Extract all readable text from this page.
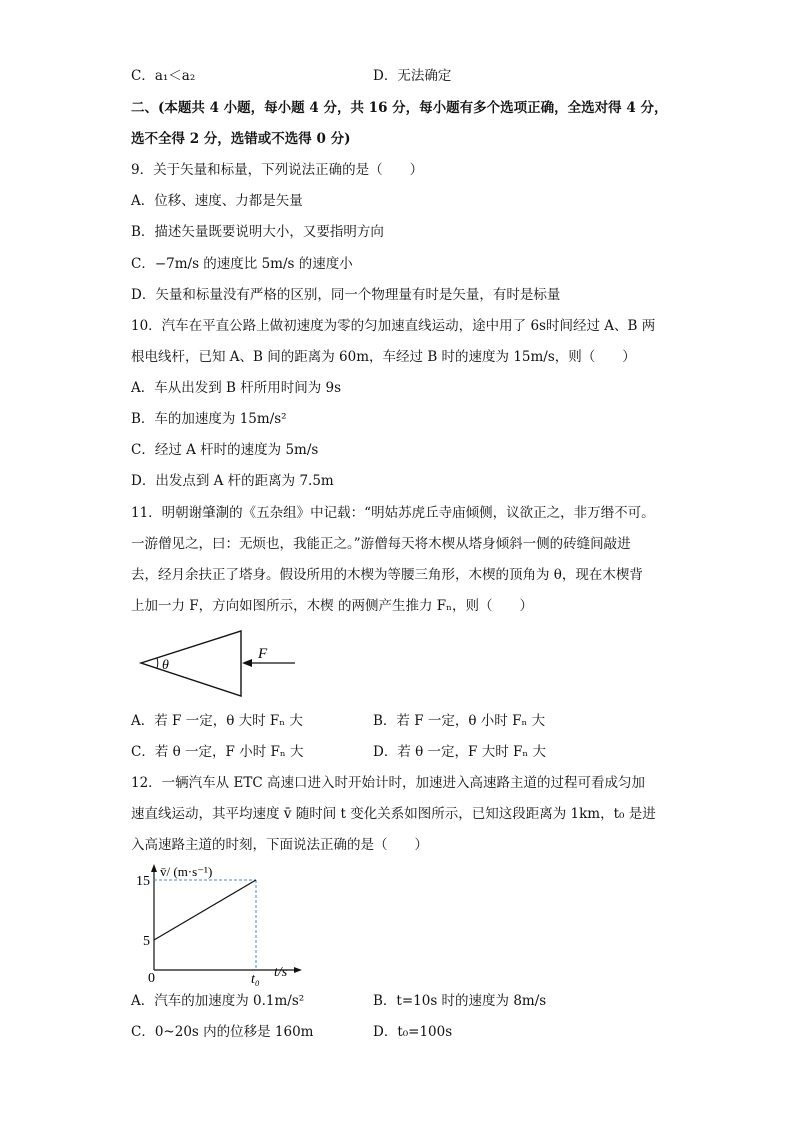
C．a₁＜a₂	D．无法确定
二、(本题共 4 小题，每小题 4 分，共 16 分，每小题有多个选项正确，全选对得 4 分，
选不全得 2 分，选错或不选得 0 分)
9．关于矢量和标量，下列说法正确的是（　　）
A．位移、速度、力都是矢量
B．描述矢量既要说明大小，又要指明方向
C．−7m/s 的速度比 5m/s 的速度小
D．矢量和标量没有严格的区别，同一个物理量有时是矢量，有时是标量
10．汽车在平直公路上做初速度为零的匀加速直线运动，途中用了 6s时间经过 A、B 两
根电线杆，已知 A、B 间的距离为 60m，车经过 B 时的速度为 15m/s，则（　　）
A．车从出发到 B 杆所用时间为 9s
B．车的加速度为 15m/s²
C．经过 A 杆时的速度为 5m/s
D．出发点到 A 杆的距离为 7.5m
11．明朝谢肇淛的《五杂组》中记载：“明姑苏虎丘寺庙倾侧，议欲正之，非万缗不可。
一游僧见之，曰：无烦也，我能正之。”游僧每天将木楔从塔身倾斜一侧的砖缝间敲进
去，经月余扶正了塔身。假设所用的木楔为等腰三角形，木楔的顶角为 θ，现在木楔背
上加一力 F，方向如图所示，木楔 的两侧产生推力 Fₙ，则（　　）
θ
F
A．若 F 一定，θ 大时 Fₙ 大	B．若 F 一定，θ 小时 Fₙ 大
C．若 θ 一定，F 小时 Fₙ 大	D．若 θ 一定，F 大时 Fₙ 大
12．一辆汽车从 ETC 高速口进入时开始计时，加速进入高速路主道的过程可看成匀加
速直线运动，其平均速度 v̄ 随时间 t 变化关系如图所示，已知这段距离为 1km，t₀ 是进
入高速路主道的时刻，下面说法正确的是（　　）
v̄/ (m·s⁻¹)
15
5
0	t₀ t/s
A．汽车的加速度为 0.1m/s²	B．t=10s 时的速度为 8m/s
C．0~20s 内的位移是 160m	D．t₀=100s
